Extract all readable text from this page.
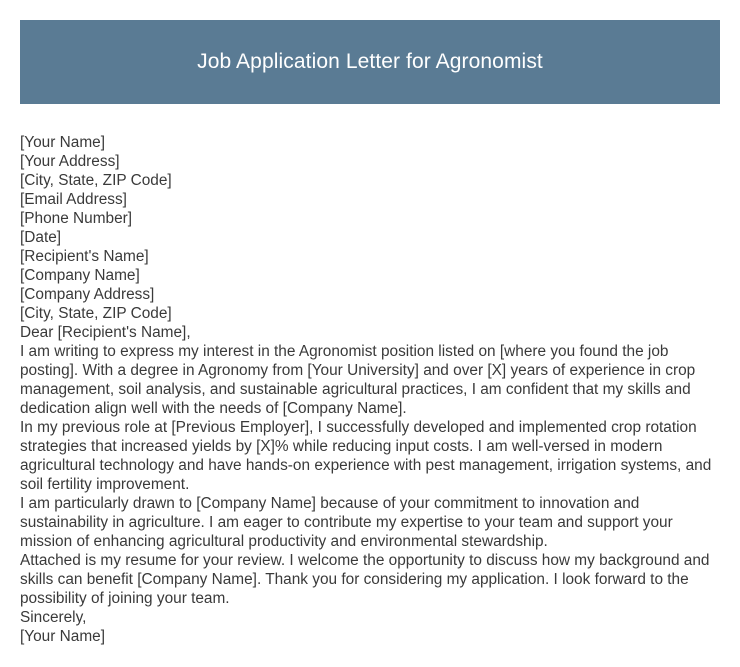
Job Application Letter for Agronomist
[Your Name]
[Your Address]
[City, State, ZIP Code]
[Email Address]
[Phone Number]
[Date]
[Recipient's Name]
[Company Name]
[Company Address]
[City, State, ZIP Code]
Dear [Recipient's Name],

I am writing to express my interest in the Agronomist position listed on [where you found the job posting]. With a degree in Agronomy from [Your University] and over [X] years of experience in crop management, soil analysis, and sustainable agricultural practices, I am confident that my skills and dedication align well with the needs of [Company Name].

In my previous role at [Previous Employer], I successfully developed and implemented crop rotation strategies that increased yields by [X]% while reducing input costs. I am well-versed in modern agricultural technology and have hands-on experience with pest management, irrigation systems, and soil fertility improvement.

I am particularly drawn to [Company Name] because of your commitment to innovation and sustainability in agriculture. I am eager to contribute my expertise to your team and support your mission of enhancing agricultural productivity and environmental stewardship.

Attached is my resume for your review. I welcome the opportunity to discuss how my background and skills can benefit [Company Name]. Thank you for considering my application. I look forward to the possibility of joining your team.

Sincerely,
[Your Name]
